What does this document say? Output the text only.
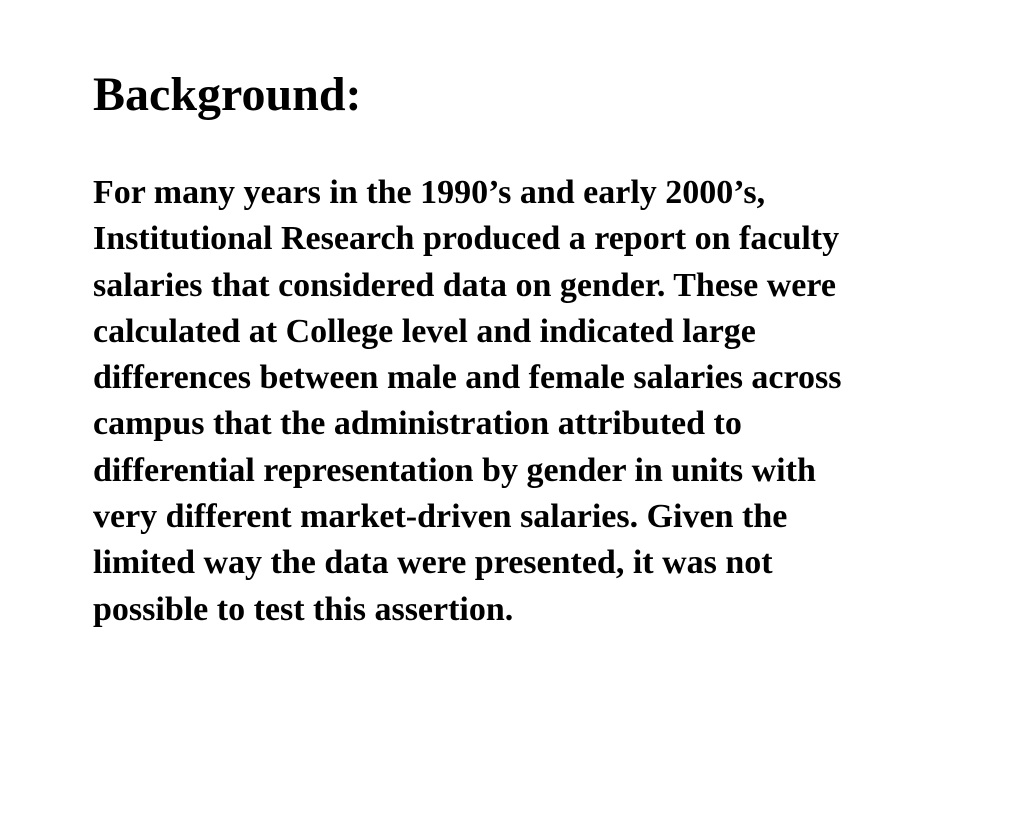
Background:
For many years in the 1990’s and early 2000’s,
Institutional Research produced a report on faculty
salaries that considered data on gender. These were
calculated at College level and indicated large
differences between male and female salaries across
campus that the administration attributed to
differential representation by gender in units with
very different market-driven salaries. Given the
limited way the data were presented, it was not
possible to test this assertion.
